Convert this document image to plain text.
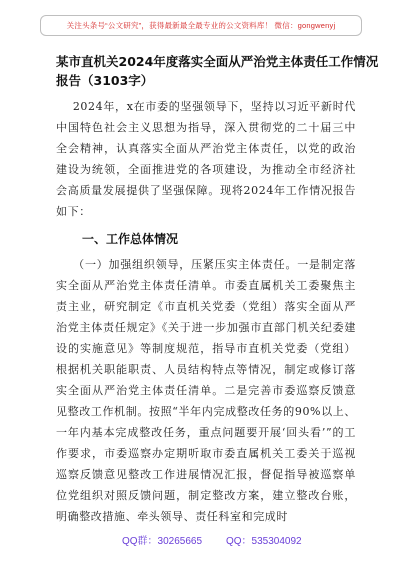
关注头条号“公文研究”，获得最新最全最专业的公文资料库！ 微信：gongwenyj
某市直机关2024年度落实全面从严治党主体责任工作情况
报告（3103字）

2024年，x在市委的坚强领导下，坚持以习近平新时代中国特色社会主义思想为指导，深入贯彻党的二十届三中全会精神，认真落实全面从严治党主体责任，以党的政治建设为统领，全面推进党的各项建设，为推动全市经济社会高质量发展提供了坚强保障。现将2024年工作情况报告如下：

一、工作总体情况

（一）加强组织领导，压紧压实主体责任。一是制定落实全面从严治党主体责任清单。市委直属机关工委聚焦主责主业，研究制定《市直机关党委（党组）落实全面从严治党主体责任规定》《关于进一步加强市直部门机关纪委建设的实施意见》等制度规范，指导市直机关党委（党组）根据机关职能职责、人员结构特点等情况，制定或修订落实全面从严治党主体责任清单。二是完善市委巡察反馈意见整改工作机制。按照“半年内完成整改任务的90%以上、一年内基本完成整改任务，重点问题要开展‘回头看’”的工作要求，市委巡察办定期听取市委直属机关工委关于巡视巡察反馈意见整改工作进展情况汇报，督促指导被巡察单位党组织对照反馈问题，制定整改方案，建立整改台账，明确整改措施、牵头领导、责任科室和完成时

QQ群：30265665 QQ：535304092
